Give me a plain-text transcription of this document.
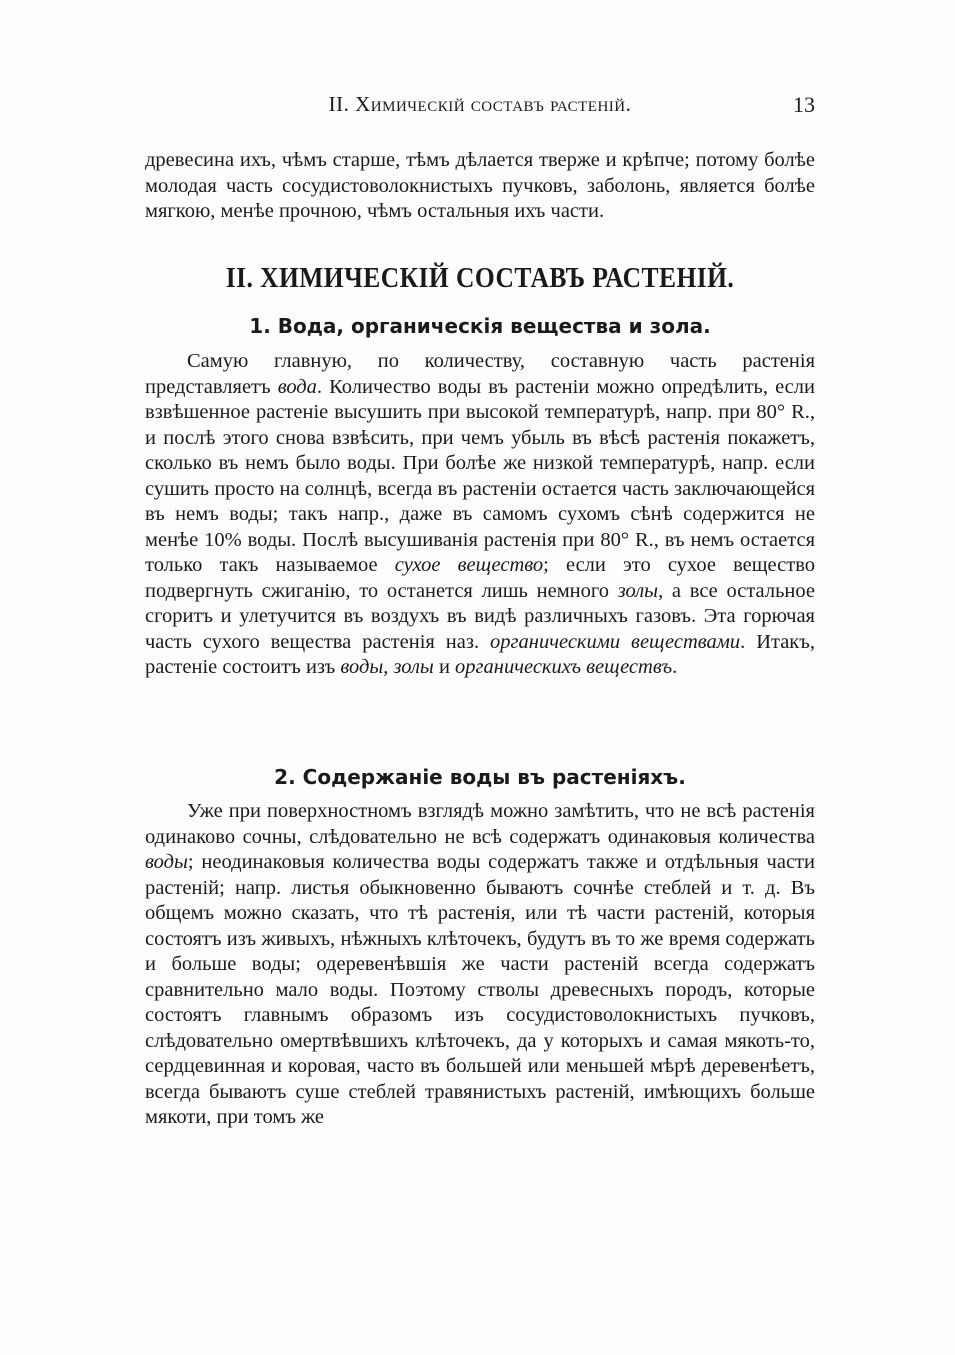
II. Химическій составъ растеній.	13

древесина ихъ, чѣмъ старше, тѣмъ дѣлается тверже и крѣпче; потому болѣе молодая часть сосудистоволокнистыхъ пучковъ, заболонь, является болѣе мягкою, менѣе прочною, чѣмъ остальныя ихъ части.

II. ХИМИЧЕСКІЙ СОСТАВЪ РАСТЕНІЙ.
1. Вода, органическія вещества и зола.

Самую главную, по количеству, составную часть растенія представляетъ вода. Количество воды въ растеніи можно опредѣлить, если взвѣшенное растеніе высушить при высокой температурѣ, напр. при 80° R., и послѣ этого снова взвѣсить, при чемъ убыль въ вѣсѣ растенія покажетъ, сколько въ немъ было воды. При болѣе же низкой температурѣ, напр. если сушить просто на солнцѣ, всегда въ растеніи остается часть заключающейся въ немъ воды; такъ напр., даже въ самомъ сухомъ сѣнѣ содержится не менѣе 10% воды. Послѣ высушиванія растенія при 80° R., въ немъ остается только такъ называемое сухое вещество; если это сухое вещество подвергнуть сжиганію, то останется лишь немного золы, а все остальное сгоритъ и улетучится въ воздухъ въ видѣ различныхъ газовъ. Эта горючая часть сухого вещества растенія наз. органическими веществами. Итакъ, растеніе состоитъ изъ воды, золы и органическихъ веществъ.

2. Содержаніе воды въ растеніяхъ.

Уже при поверхностномъ взглядѣ можно замѣтить, что не всѣ растенія одинаково сочны, слѣдовательно не всѣ содержатъ одинаковыя количества воды; неодинаковыя количества воды содержатъ также и отдѣльныя части растеній; напр. листья обыкновенно бываютъ сочнѣе стеблей и т. д. Въ общемъ можно сказать, что тѣ растенія, или тѣ части растеній, которыя состоятъ изъ живыхъ, нѣжныхъ клѣточекъ, будутъ въ то же время содержать и больше воды; одеревенѣвшія же части растеній всегда содержатъ сравнительно мало воды. Поэтому стволы древесныхъ породъ, которые состоятъ главнымъ образомъ изъ сосудистоволокнистыхъ пучковъ, слѣдовательно омертвѣвшихъ клѣточекъ, да у которыхъ и самая мякоть-то, сердцевинная и коровая, часто въ большей или меньшей мѣрѣ деревенѣетъ, всегда бываютъ суше стеблей травянистыхъ растеній, имѣющихъ больше мякоти, при томъ же
